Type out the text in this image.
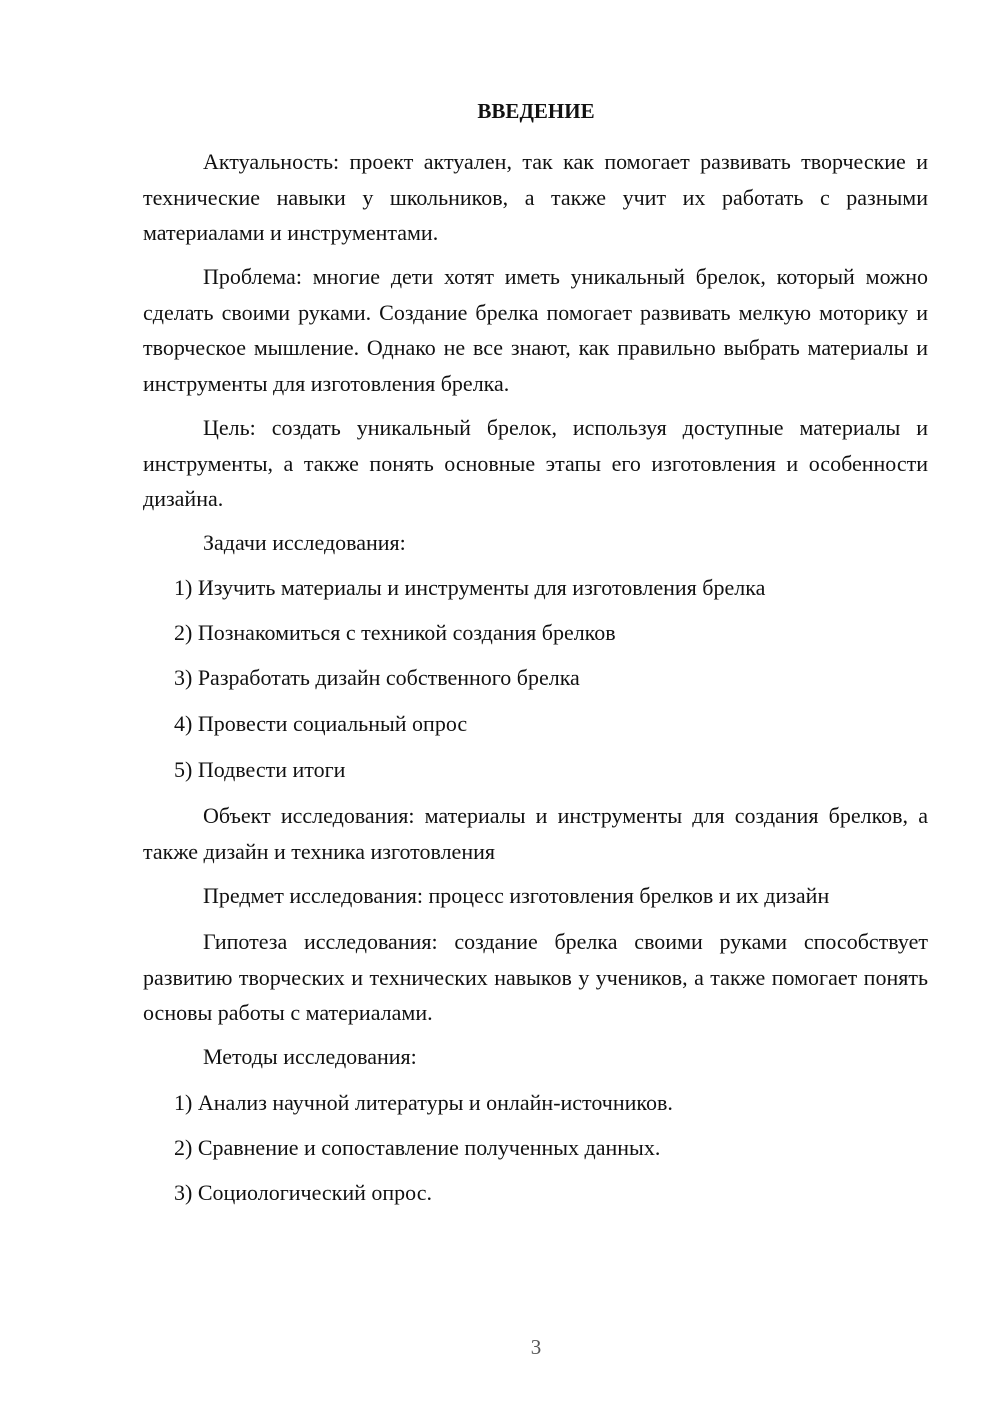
ВВЕДЕНИЕ

Актуальность: проект актуален, так как помогает развивать творческие и технические навыки у школьников, а также учит их работать с разными материалами и инструментами.

Проблема: многие дети хотят иметь уникальный брелок, который можно сделать своими руками. Создание брелка помогает развивать мелкую моторику и творческое мышление. Однако не все знают, как правильно выбрать материалы и инструменты для изготовления брелка.

Цель: создать уникальный брелок, используя доступные материалы и инструменты, а также понять основные этапы его изготовления и особенности дизайна.

Задачи исследования:

1) Изучить материалы и инструменты для изготовления брелка

2) Познакомиться с техникой создания брелков

3) Разработать дизайн собственного брелка

4) Провести социальный опрос

5) Подвести итоги

Объект исследования: материалы и инструменты для создания брелков, а также дизайн и техника изготовления

Предмет исследования: процесс изготовления брелков и их дизайн

Гипотеза исследования: создание брелка своими руками способствует развитию творческих и технических навыков у учеников, а также помогает понять основы работы с материалами.

Методы исследования:

1) Анализ научной литературы и онлайн-источников.

2) Сравнение и сопоставление полученных данных.

3) Социологический опрос.

3
